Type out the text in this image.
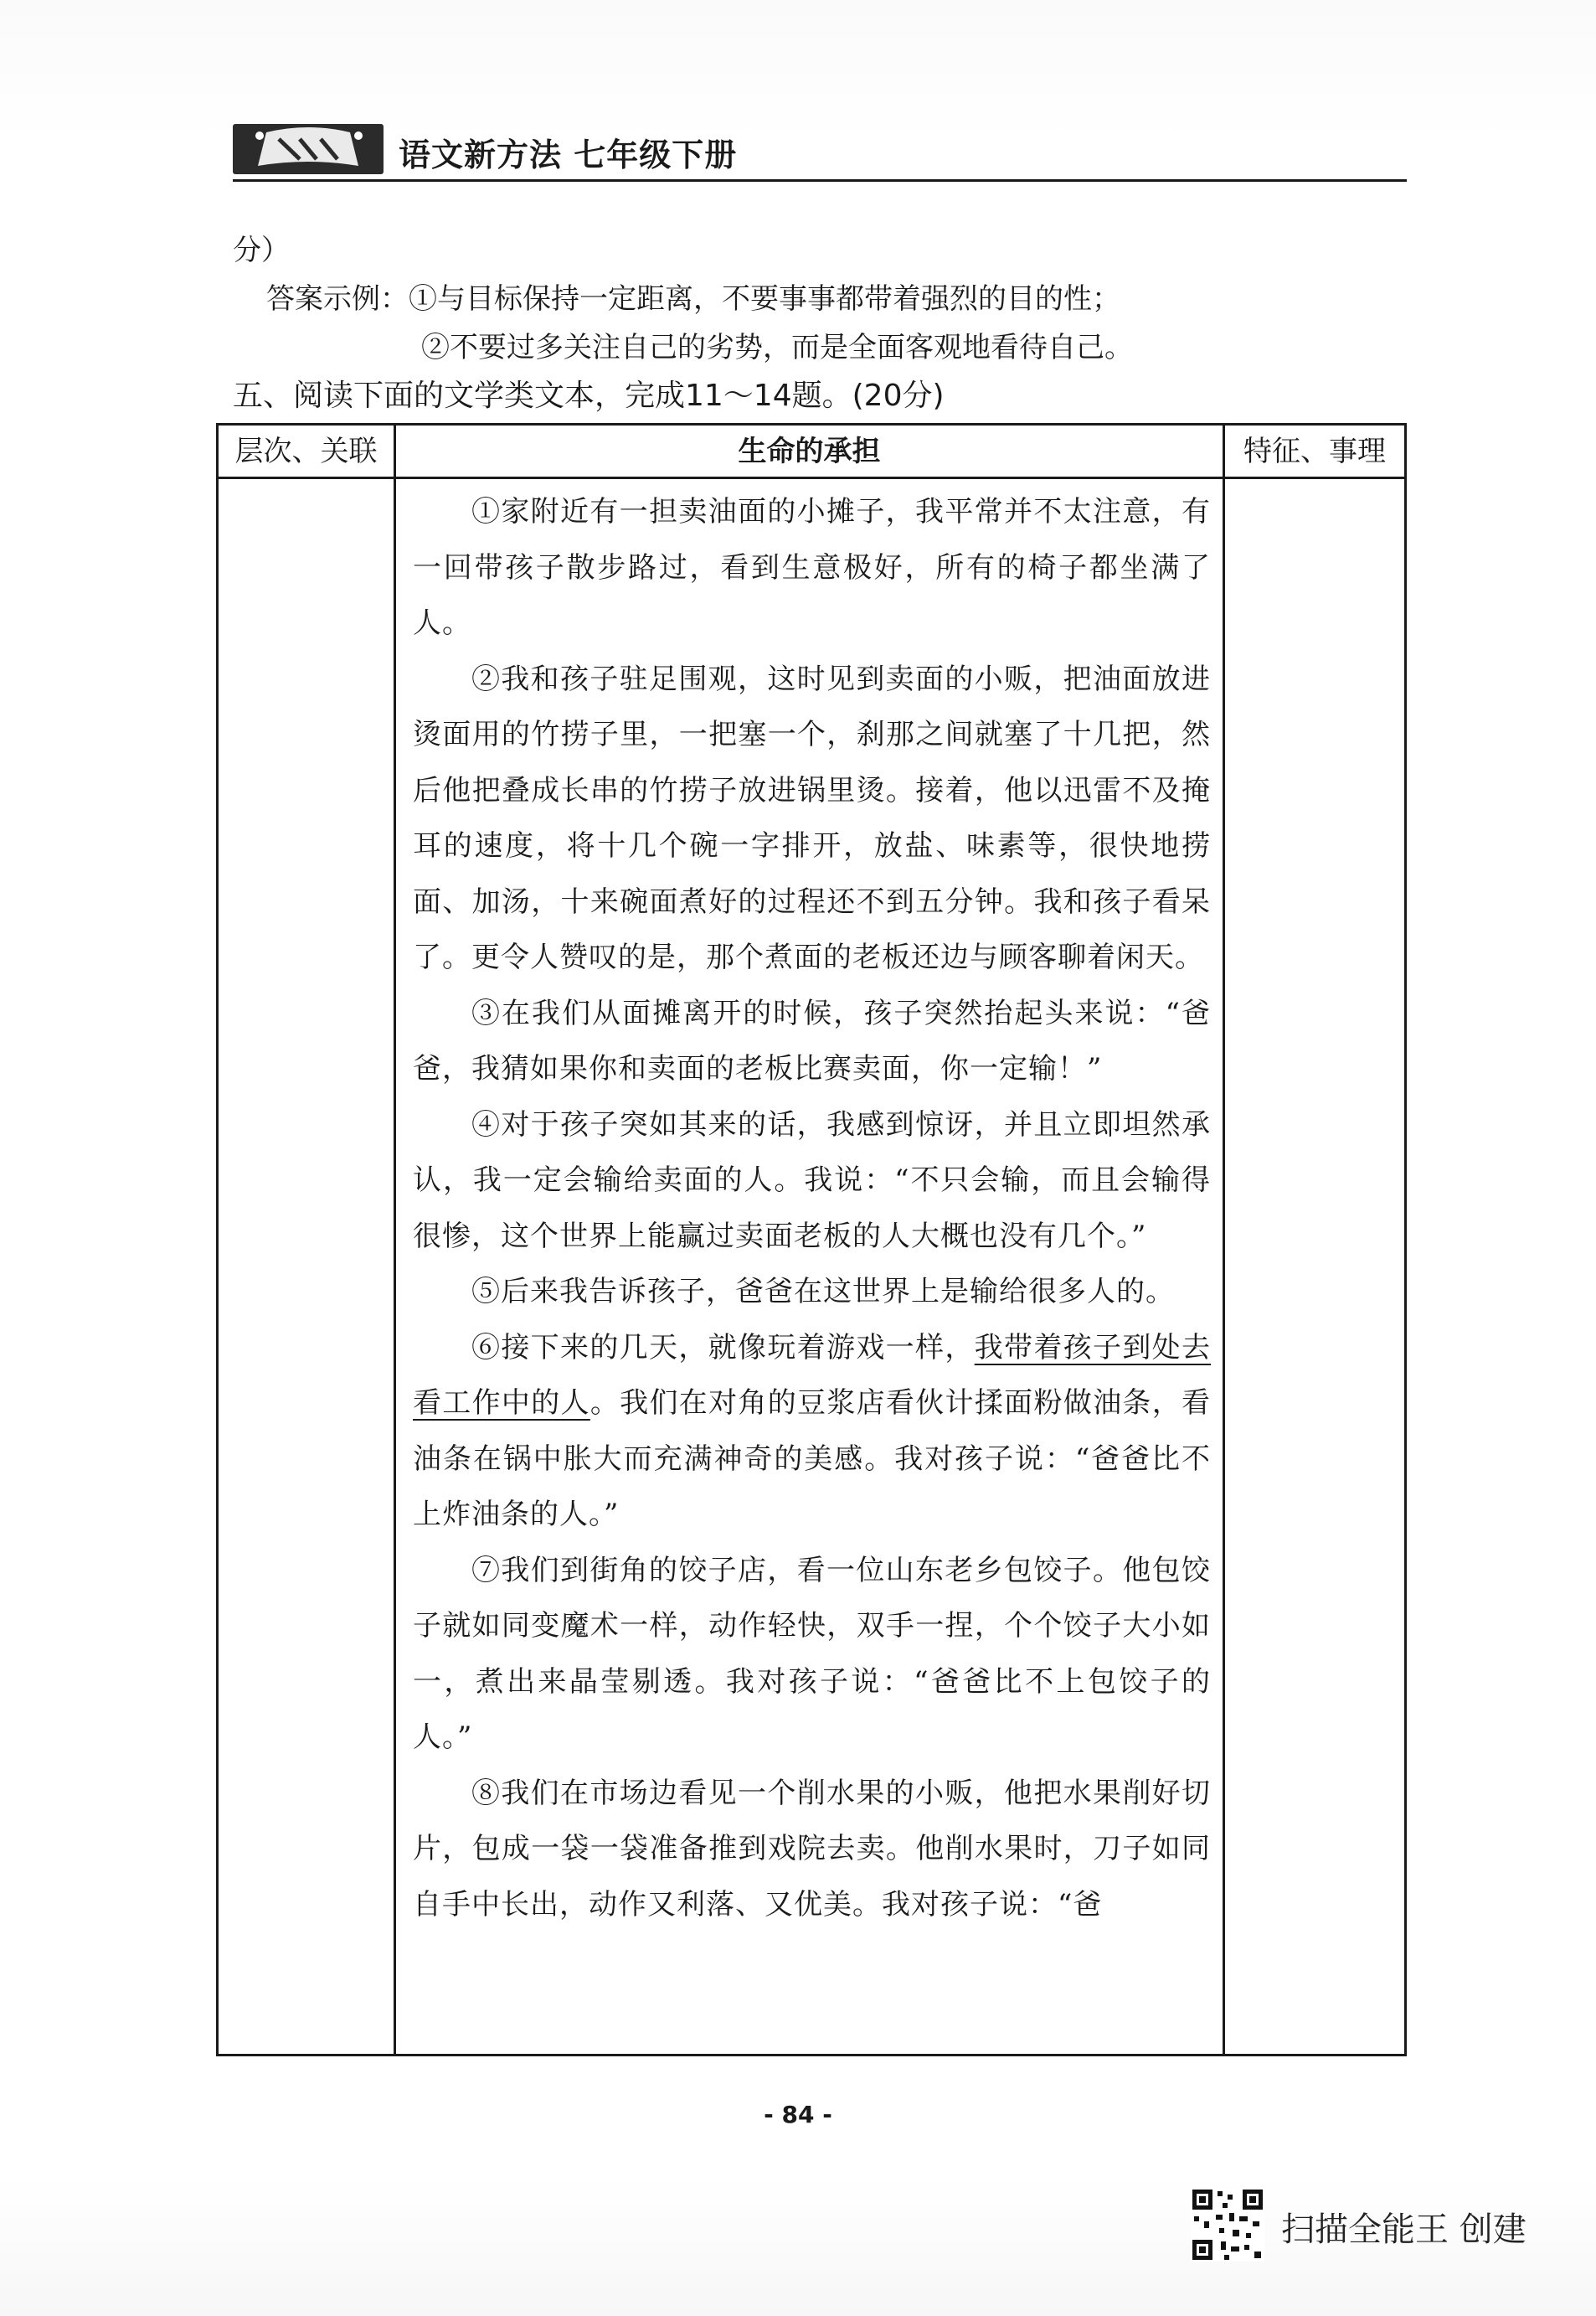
语文新方法 七年级下册

分）

答案示例：①与目标保持一定距离，不要事事都带着强烈的目的性；

②不要过多关注自己的劣势，而是全面客观地看待自己。

五、阅读下面的文学类文本，完成11～14题。(20分)

层次、关联	生命的承担

①家附近有一担卖油面的小摊子，我平常并不太注意，有一回带孩子散步路过，看到生意极好，所有的椅子都坐满了人。

②我和孩子驻足围观，这时见到卖面的小贩，把油面放进烫面用的竹捞子里，一把塞一个，刹那之间就塞了十几把，然后他把叠成长串的竹捞子放进锅里烫。接着，他以迅雷不及掩耳的速度，将十几个碗一字排开，放盐、味素等，很快地捞面、加汤，十来碗面煮好的过程还不到五分钟。我和孩子看呆了。更令人赞叹的是，那个煮面的老板还边与顾客聊着闲天。

③在我们从面摊离开的时候，孩子突然抬起头来说：“爸爸，我猜如果你和卖面的老板比赛卖面，你一定输！”

④对于孩子突如其来的话，我感到惊讶，并且立即坦然承认，我一定会输给卖面的人。我说：“不只会输，而且会输得很惨，这个世界上能赢过卖面老板的人大概也没有几个。”

⑤后来我告诉孩子，爸爸在这世界上是输给很多人的。

⑥接下来的几天，就像玩着游戏一样，我带着孩子到处去看工作中的人。我们在对角的豆浆店看伙计揉面粉做油条，看油条在锅中胀大而充满神奇的美感。我对孩子说：“爸爸比不上炸油条的人。”

⑦我们到街角的饺子店，看一位山东老乡包饺子。他包饺子就如同变魔术一样，动作轻快，双手一捏，个个饺子大小如一，煮出来晶莹剔透。我对孩子说：“爸爸比不上包饺子的人。”

⑧我们在市场边看见一个削水果的小贩，他把水果削好切片，包成一袋一袋准备推到戏院去卖。他削水果时，刀子如同自手中长出，动作又利落、又优美。我对孩子说：“爸

特征、事理
- 84 -
扫描全能王 创建
